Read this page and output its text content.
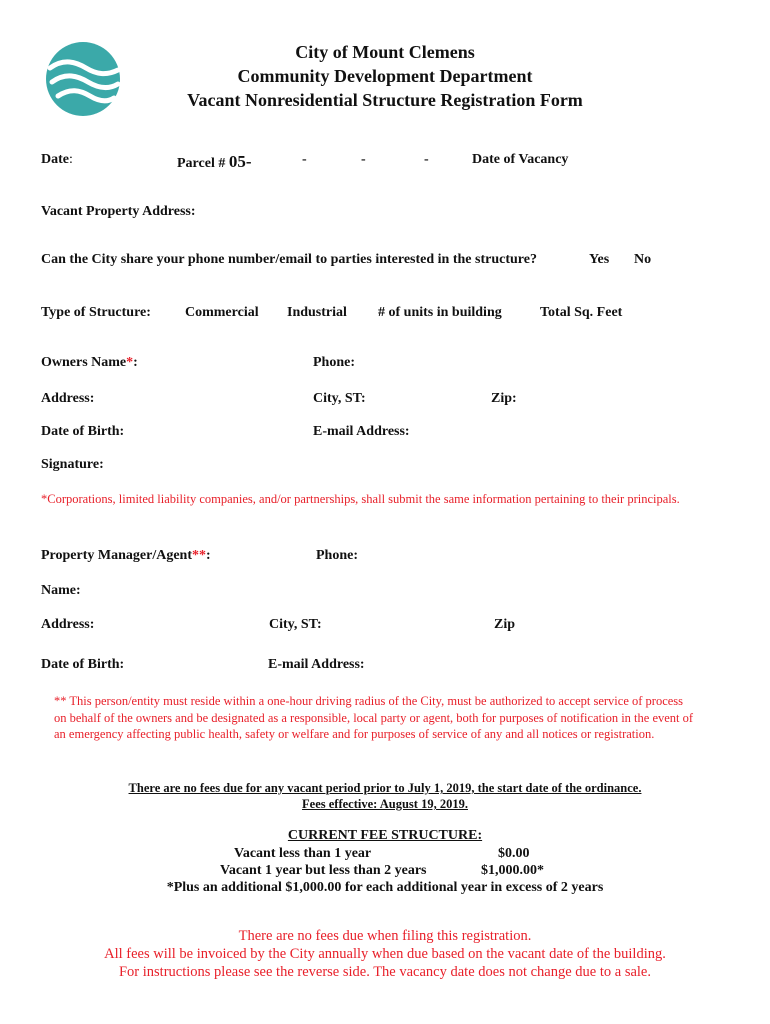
City of Mount Clemens
Community Development Department
Vacant Nonresidential Structure Registration Form
Date:	Parcel # 05-	-	-	-	Date of Vacancy
Vacant Property Address:
Can the City share your phone number/email to parties interested in the structure?	Yes No
Type of Structure: Commercial Industrial # of units in building	Total Sq. Feet
Owners Name*:	Phone:
Address:	City, ST:	Zip:
Date of Birth:	E-mail Address:
Signature:
*Corporations, limited liability companies, and/or partnerships, shall submit the same information pertaining to their principals.
Property Manager/Agent**:	Phone:
Name:
Address:	City, ST:	Zip
Date of Birth:	E-mail Address:
** This person/entity must reside within a one-hour driving radius of the City, must be authorized to accept service of process on behalf of the owners and be designated as a responsible, local party or agent, both for purposes of notification in the event of an emergency affecting public health, safety or welfare and for purposes of service of any and all notices or registration.
There are no fees due for any vacant period prior to July 1, 2019, the start date of the ordinance.
Fees effective: August 19, 2019.
CURRENT FEE STRUCTURE:
Vacant less than 1 year	$0.00
Vacant 1 year but less than 2 years	$1,000.00*
*Plus an additional $1,000.00 for each additional year in excess of 2 years
There are no fees due when filing this registration.
All fees will be invoiced by the City annually when due based on the vacant date of the building.
For instructions please see the reverse side. The vacancy date does not change due to a sale.
